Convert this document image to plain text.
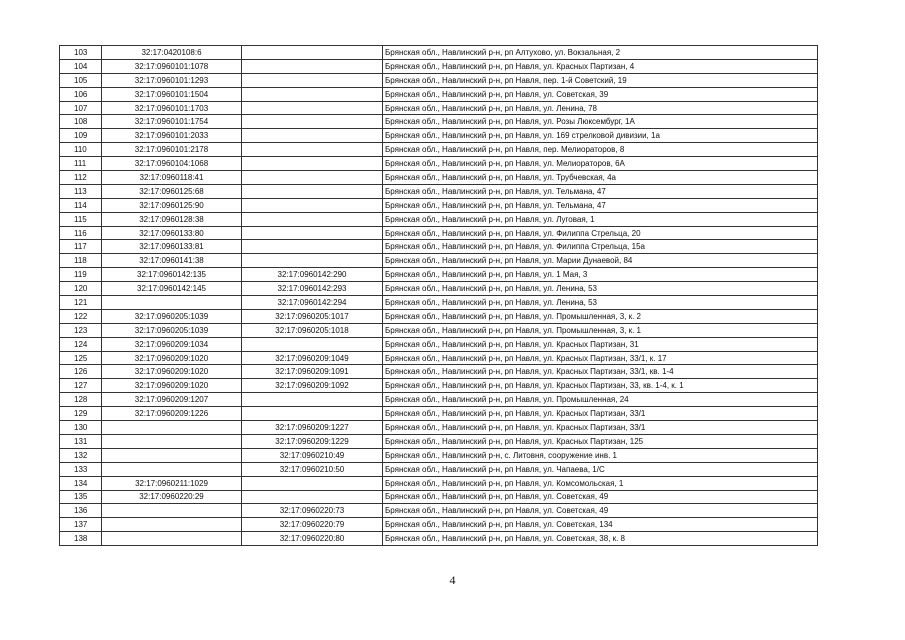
103	32:17:0420108:6		Брянская обл., Навлинский р-н, рп Алтухово, ул. Вокзальная, 2
104	32:17:0960101:1078		Брянская обл., Навлинский р-н, рп Навля, ул. Красных Партизан, 4
105	32:17:0960101:1293		Брянская обл., Навлинский р-н, рп Навля, пер. 1-й Советский, 19
106	32:17:0960101:1504		Брянская обл., Навлинский р-н, рп Навля, ул. Советская, 39
107	32:17:0960101:1703		Брянская обл., Навлинский р-н, рп Навля, ул. Ленина, 78
108	32:17:0960101:1754		Брянская обл., Навлинский р-н, рп Навля, ул. Розы Люксембург, 1А
109	32:17:0960101:2033		Брянская обл., Навлинский р-н, рп Навля, ул. 169 стрелковой дивизии, 1а
110	32:17:0960101:2178		Брянская обл., Навлинский р-н, рп Навля, пер. Мелиораторов, 8
111	32:17:0960104:1068		Брянская обл., Навлинский р-н, рп Навля, ул. Мелиораторов, 6А
112	32:17:0960118:41		Брянская обл., Навлинский р-н, рп Навля, ул. Трубчевская, 4а
113	32:17:0960125:68		Брянская обл., Навлинский р-н, рп Навля, ул. Тельмана, 47
114	32:17:0960125:90		Брянская обл., Навлинский р-н, рп Навля, ул. Тельмана, 47
115	32:17:0960128:38		Брянская обл., Навлинский р-н, рп Навля, ул. Луговая, 1
116	32:17:0960133:80		Брянская обл., Навлинский р-н, рп Навля, ул. Филиппа Стрельца, 20
117	32:17:0960133:81		Брянская обл., Навлинский р-н, рп Навля, ул. Филиппа Стрельца, 15а
118	32:17:0960141:38		Брянская обл., Навлинский р-н, рп Навля, ул. Марии Дунаевой, 84
119	32:17:0960142:135	32:17:0960142:290	Брянская обл., Навлинский р-н, рп Навля, ул. 1 Мая, 3
120	32:17:0960142:145	32:17:0960142:293	Брянская обл., Навлинский р-н, рп Навля, ул. Ленина, 53
121		32:17:0960142:294	Брянская обл., Навлинский р-н, рп Навля, ул. Ленина, 53
122	32:17:0960205:1039	32:17:0960205:1017	Брянская обл., Навлинский р-н, рп Навля, ул. Промышленная, 3, к. 2
123	32:17:0960205:1039	32:17:0960205:1018	Брянская обл., Навлинский р-н, рп Навля, ул. Промышленная, 3, к. 1
124	32:17:0960209:1034		Брянская обл., Навлинский р-н, рп Навля, ул. Красных Партизан, 31
125	32:17:0960209:1020	32:17:0960209:1049	Брянская обл., Навлинский р-н, рп Навля, ул. Красных Партизан, 33/1, к. 17
126	32:17:0960209:1020	32:17:0960209:1091	Брянская обл., Навлинский р-н, рп Навля, ул. Красных Партизан, 33/1, кв. 1-4
127	32:17:0960209:1020	32:17:0960209:1092	Брянская обл., Навлинский р-н, рп Навля, ул. Красных Партизан, 33, кв. 1-4, к. 1
128	32:17:0960209:1207		Брянская обл., Навлинский р-н, рп Навля, ул. Промышленная, 24
129	32:17:0960209:1226		Брянская обл., Навлинский р-н, рп Навля, ул. Красных Партизан, 33/1
130		32:17:0960209:1227	Брянская обл., Навлинский р-н, рп Навля, ул. Красных Партизан, 33/1
131		32:17:0960209:1229	Брянская обл., Навлинский р-н, рп Навля, ул. Красных Партизан, 125
132		32:17:0960210:49	Брянская обл., Навлинский р-н, с. Литовня, сооружение инв. 1
133		32:17:0960210:50	Брянская обл., Навлинский р-н, рп Навля, ул. Чапаева, 1/С
134	32:17:0960211:1029		Брянская обл., Навлинский р-н, рп Навля, ул. Комсомольская, 1
135	32:17:0960220:29		Брянская обл., Навлинский р-н, рп Навля, ул. Советская, 49
136		32:17:0960220:73	Брянская обл., Навлинский р-н, рп Навля, ул. Советская, 49
137		32:17:0960220:79	Брянская обл., Навлинский р-н, рп Навля, ул. Советская, 134
138		32:17:0960220:80	Брянская обл., Навлинский р-н, рп Навля, ул. Советская, 38, к. 8
4
